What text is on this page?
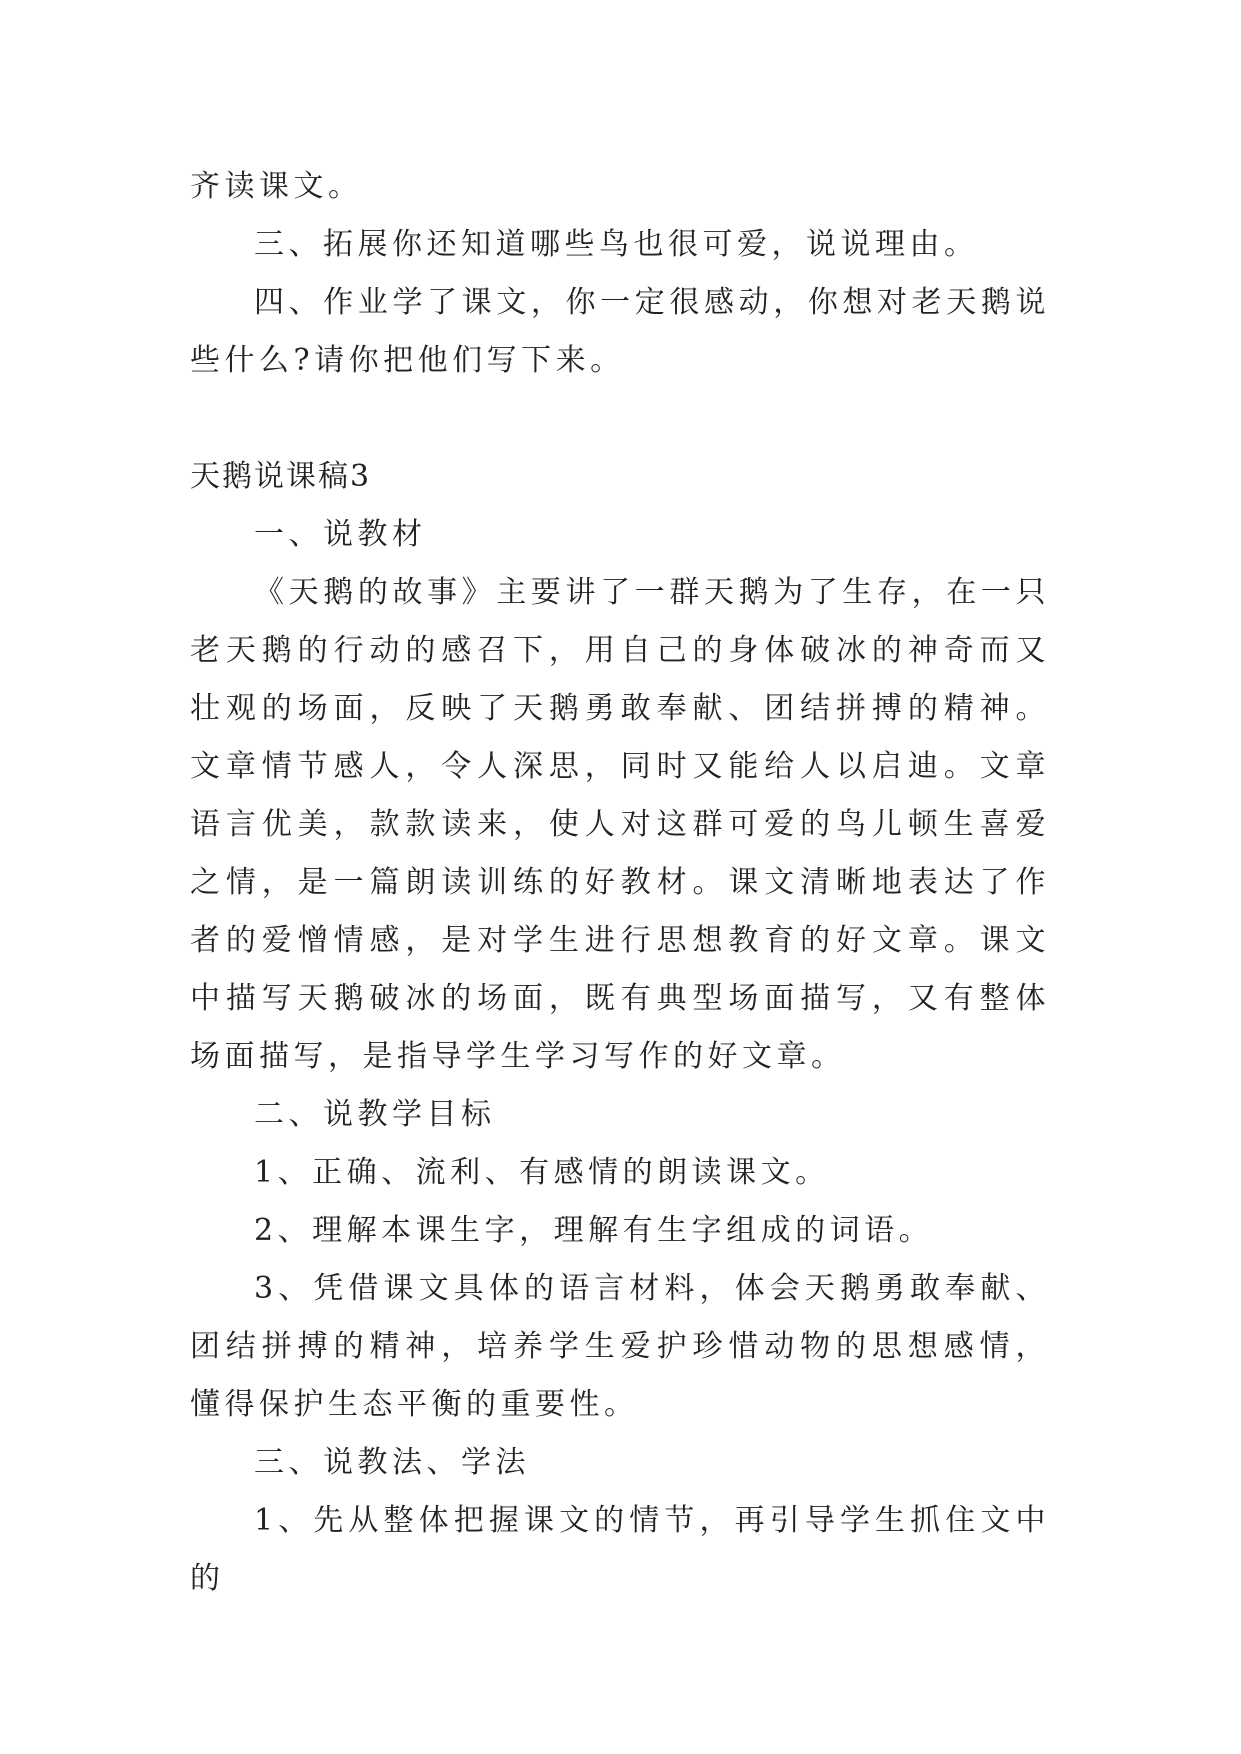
齐读课文。

三、拓展你还知道哪些鸟也很可爱，说说理由。

四、作业学了课文，你一定很感动，你想对老天鹅说些什么?请你把他们写下来。

天鹅说课稿3

一、说教材

《天鹅的故事》主要讲了一群天鹅为了生存，在一只老天鹅的行动的感召下，用自己的身体破冰的神奇而又壮观的场面，反映了天鹅勇敢奉献、团结拼搏的精神。文章情节感人，令人深思，同时又能给人以启迪。文章语言优美，款款读来，使人对这群可爱的鸟儿顿生喜爱之情，是一篇朗读训练的好教材。课文清晰地表达了作者的爱憎情感，是对学生进行思想教育的好文章。课文中描写天鹅破冰的场面，既有典型场面描写，又有整体场面描写，是指导学生学习写作的好文章。

二、说教学目标

1、正确、流利、有感情的朗读课文。

2、理解本课生字，理解有生字组成的词语。

3、凭借课文具体的语言材料，体会天鹅勇敢奉献、团结拼搏的精神，培养学生爱护珍惜动物的思想感情，懂得保护生态平衡的重要性。

三、说教法、学法

1、先从整体把握课文的情节，再引导学生抓住文中的
